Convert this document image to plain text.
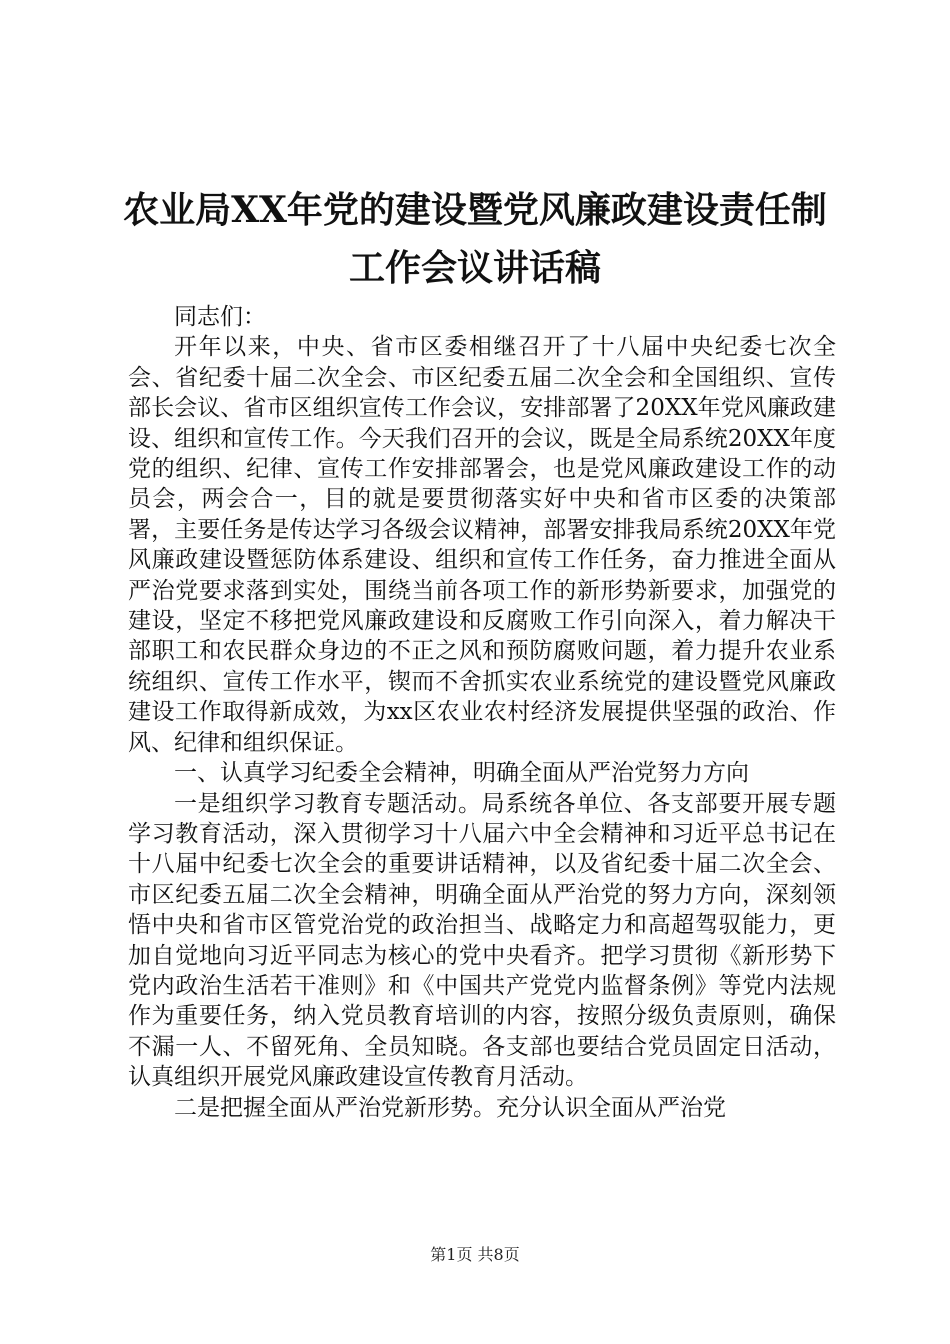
农业局XX年党的建设暨党风廉政建设责任制
工作会议讲话稿

同志们：

开年以来，中央、省市区委相继召开了十八届中央纪委七次全会、省纪委十届二次全会、市区纪委五届二次全会和全国组织、宣传部长会议、省市区组织宣传工作会议，安排部署了20XX年党风廉政建设、组织和宣传工作。今天我们召开的会议，既是全局系统20XX年度党的组织、纪律、宣传工作安排部署会，也是党风廉政建设工作的动员会，两会合一，目的就是要贯彻落实好中央和省市区委的决策部署，主要任务是传达学习各级会议精神，部署安排我局系统20XX年党风廉政建设暨惩防体系建设、组织和宣传工作任务，奋力推进全面从严治党要求落到实处，围绕当前各项工作的新形势新要求，加强党的建设，坚定不移把党风廉政建设和反腐败工作引向深入，着力解决干部职工和农民群众身边的不正之风和预防腐败问题，着力提升农业系统组织、宣传工作水平，锲而不舍抓实农业系统党的建设暨党风廉政建设工作取得新成效，为xx区农业农村经济发展提供坚强的政治、作风、纪律和组织保证。

一、认真学习纪委全会精神，明确全面从严治党努力方向

一是组织学习教育专题活动。局系统各单位、各支部要开展专题学习教育活动，深入贯彻学习十八届六中全会精神和习近平总书记在十八届中纪委七次全会的重要讲话精神，以及省纪委十届二次全会、市区纪委五届二次全会精神，明确全面从严治党的努力方向，深刻领悟中央和省市区管党治党的政治担当、战略定力和高超驾驭能力，更加自觉地向习近平同志为核心的党中央看齐。把学习贯彻《新形势下党内政治生活若干准则》和《中国共产党党内监督条例》等党内法规作为重要任务，纳入党员教育培训的内容，按照分级负责原则，确保不漏一人、不留死角、全员知晓。各支部也要结合党员固定日活动，认真组织开展党风廉政建设宣传教育月活动。

二是把握全面从严治党新形势。充分认识全面从严治党

第1页 共8页
